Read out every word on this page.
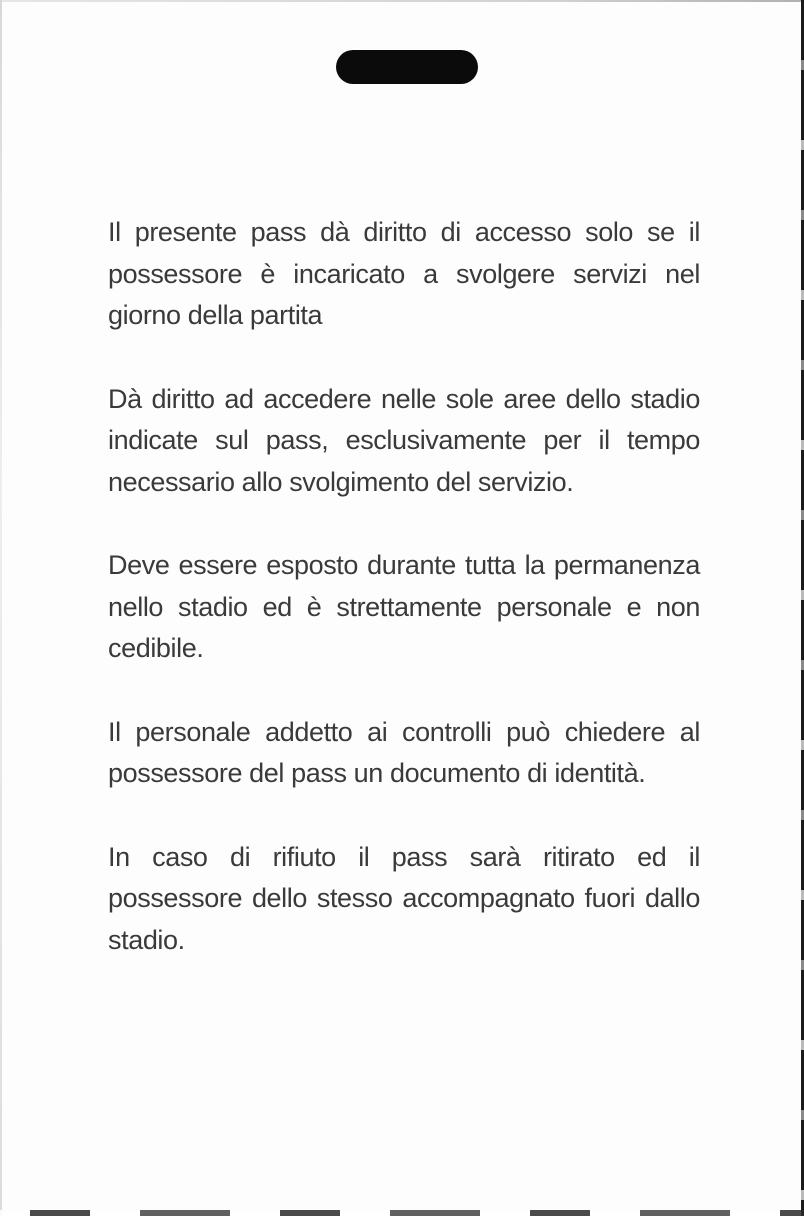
Il presente pass dà diritto di accesso solo se il possessore è incaricato a svolgere servizi nel giorno della partita

Dà diritto ad accedere nelle sole aree dello stadio indicate sul pass, esclusivamente per il tempo necessario allo svolgimento del servizio.

Deve essere esposto durante tutta la permanenza nello stadio ed è strettamente personale e non cedibile.

Il personale addetto ai controlli può chiedere al possessore del pass un documento di identità.

In caso di rifiuto il pass sarà ritirato ed il possessore dello stesso accompagnato fuori dallo stadio.
